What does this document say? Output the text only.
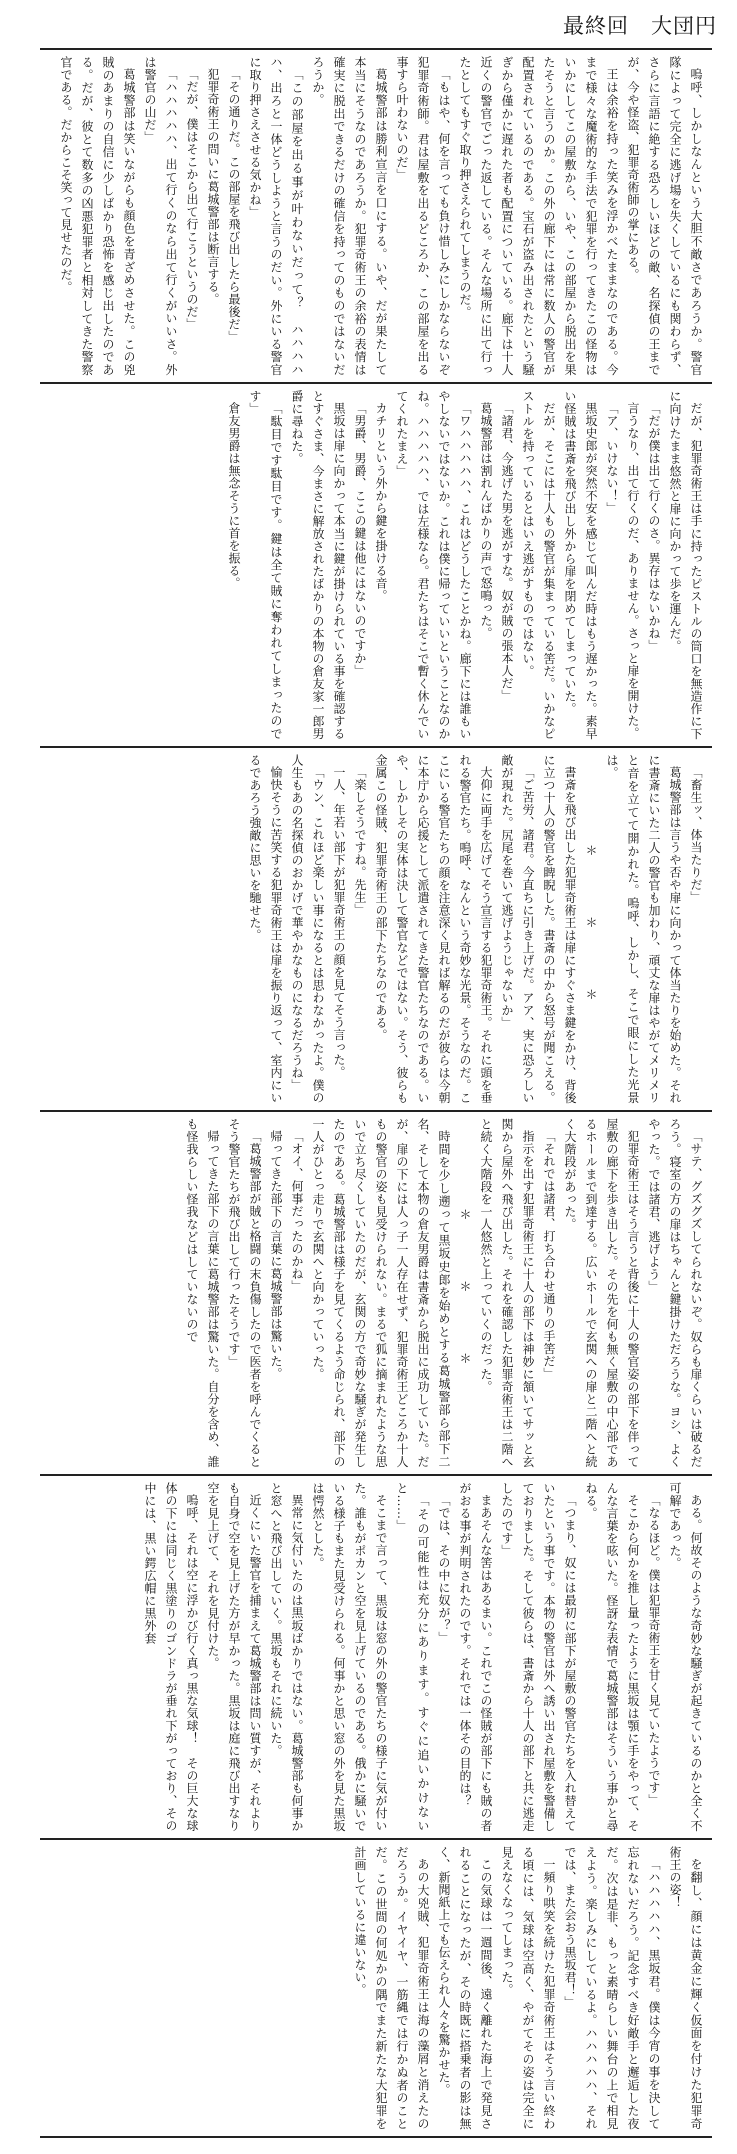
最終回　大団円

嗚呼、しかしなんという大胆不敵さであろうか。警官隊によって完全に逃げ場を失くしているにも関わらず、さらに言語に絶する恐ろしいほどの敵、名探偵の王までが、今や怪盗、犯罪奇術師の掌にある。

王は余裕を持った笑みを浮かべたままなのである。今まで様々な魔術的な手法で犯罪を行ってきたこの怪物はいかにしてこの屋敷から、いや、この部屋から脱出を果たそうと言うのか。この外の廊下には常に数人の警官が配置されているのである。宝石が盗み出されたという騒ぎから僅かに遅れた者も配置についている。廊下は十人近くの警官でごった返している。そんな場所に出て行ったとしてもすぐ取り押さえられてしまうのだ。

「もはや、何を言っても負け惜しみにしかならないぞ犯罪奇術師。君は屋敷を出るどころか、この部屋を出る事すら叶わないのだ」

葛城警部は勝利宣言を口にする。いや、だが果たして本当にそうなのであろうか。犯罪奇術王の余裕の表情は確実に脱出できるだけの確信を持ってのものではないだろうか。

「この部屋を出る事が叶わないだって？　ハハハハハ、出ろと一体どうしようと言うのだい。外にいる警官に取り押さえさせる気かね」

「その通りだ。この部屋を飛び出したら最後だ」

犯罪奇術王の問いに葛城警部は断言する。

「だが、僕はそこから出て行こうというのだ」

「ハハハハハ、出て行くのなら出て行くがいいさ。外は警官の山だ」

葛城警部は笑いながらも顔色を青ざめさせた。この兇賊のあまりの自信に少しばかり恐怖を感じ出したのである。だが、彼とて数多の凶悪犯罪者と相対してきた警察官である。だからこそ笑って見せたのだ。

だが、犯罪奇術王は手に持ったピストルの筒口を無造作に下に向けたまま悠然と扉に向かって歩を運んだ。

「だが僕は出て行くのさ。異存はないかね」

言うなり、出て行くのだ、ありません。さっと扉を開けた。

「ア、いけない！」

黒坂史郎が突然不安を感じて叫んだ時はもう遅かった。素早い怪賊は書斎を飛び出し外から扉を閉めてしまっていた。

だが、そこには十人もの警官が集まっている筈だ。いかなピストルを持っているとはいえ逃がすものではない。

「諸君、今逃げた男を逃がすな。奴が賊の張本人だ」

葛城警部は割れんばかりの声で怒鳴った。

「ワハハハハハ、これはどうしたことかね。廊下には誰もいやしないではないか。これは僕に帰っていいということなのかね。ハハハハハ、では左様なら。君たちはそこで暫く休んでいてくれたまえ」

カチリという外から鍵を掛ける音。

「男爵、男爵、ここの鍵は他にはないのですか」

黒坂は扉に向かって本当に鍵が掛けられている事を確認するとすぐさま、今まさに解放されたばかりの本物の倉友家一郎男爵に尋ねた。

「駄目です駄目です。鍵は全て賊に奪われてしまったのです」

倉友男爵は無念そうに首を振る。

「畜生ッ、体当たりだ」

葛城警部は言うや否や扉に向かって体当たりを始めた。それに書斎にいた二人の警官も加わり、頑丈な扉はやがてメリメリと音を立てて開かれた。嗚呼、しかし、そこで眼にした光景は。

＊　＊　＊

書斎を飛び出した犯罪奇術王は扉にすぐさま鍵をかけ、背後に立つ十人の警官を睥睨した。書斎の中から怒号が聞こえる。

「ご苦労、諸君。今直ちに引き上げだ。アア、実に恐ろしい敵が現れた。尻尾を巻いて逃げようじゃないか」

大仰に両手を広げてそう宣言する犯罪奇術王。それに頭を垂れる警官たち。嗚呼、なんという奇妙な光景。そうなのだ。ここにいる警官たちの顔を注意深く見れば解るのだが彼らは今朝に本庁から応援として派遣されてきた警官たちなのである。いや、しかしその実体は決して警官などではない。そう、彼らも金属この怪賊、犯罪奇術王の部下たちなのである。

「楽しそうですね。先生」

一人、年若い部下が犯罪奇術王の顔を見てそう言った。

「ウン、これほど楽しい事になるとは思わなかったよ。僕の人生もあの名探偵のおかげで華やかなものになるだろうね」

愉快そうに苦笑する犯罪奇術王は扉を振り返って、室内にいるであろう強敵に思いを馳せた。

「サテ、グズグズしてられないぞ。奴らも扉くらいは破るだろう。寝室の方の扉はちゃんと鍵掛けただろうな。ヨシ、よくやった。では諸君、逃げよう」

犯罪奇術王はそう言うと背後に十人の警官姿の部下を伴って屋敷の廊下を歩き出した。その先を何も無く屋敷の中心部であるホールまで到達する。広いホールで玄関への扉と二階へと続く大階段があった。

「それでは諸君、打ち合わせ通りの手筈だ」

指示を出す犯罪奇術王に十人の部下は神妙に頷いてサッと玄関から屋外へ飛び出した。それを確認した犯罪奇術王は二階へと続く大階段を一人悠然と上っていくのだった。

＊　＊　＊

時間を少し遡って黒坂史郎を始めとする葛城警部ら部下二名、そして本物の倉友男爵は書斎から脱出に成功していた。だが、扉の下には人っ子一人存在せず、犯罪奇術王どころか十人もの警官の姿も見受けられない。まるで狐に摘まれたような思いで立ち尽くしていたのだが、玄関の方で奇妙な騒ぎが発生したのである。葛城警部は様子を見てくるよう命じられ、部下の一人がひとっ走りで玄関へと向かっていった。

「オイ、何事だったのかね」

帰ってきた部下の言葉に葛城警部は驚いた。

「葛城警部が賊と格闘の末負傷したので医者を呼んでくるとそう警官たちが飛び出して行ったそうです」

帰ってきた部下の言葉に葛城警部は驚いた。自分を含め、誰も怪我らしい怪我などはしていないので

ある。何故そのような奇妙な騒ぎが起きているのかと全く不可解であった。

「なるほど。僕は犯罪奇術王を甘く見ていたようです」

そこから何かを推し量ったように黒坂は顎に手をやって、そんな言葉を呟いた。怪訝な表情で葛城警部はそういう事かと尋ねる。

「つまり、奴には最初に部下が屋敷の警官たちを入れ替えていたという事です。本物の警官は外へ誘い出され屋敷を警備しておりました。そして彼らは、書斎から十人の部下と共に逃走したのです」

まあそんな筈はあるまい。これでこの怪賊が部下にも賊の者がおる事が判明されたのです。それでは一体その目的は？

「では、その中に奴が？」

「その可能性は充分にあります。すぐに追いかけないと……」

そこまで言って、黒坂は窓の外の警官たちの様子に気が付いた。誰もがポカンと空を見上げているのである。俄かに騒いでいる様子もまた見受けられる。何事かと思い窓の外を見た黒坂は愕然とした。

異常に気付いたのは黒坂ばかりではない。葛城警部も何事かと窓へと飛び出していく。黒坂もそれに続いた。

近くにいた警官を捕まえて葛城警部は問い質すが、それよりも自身で空を見上げた方が早かった。黒坂は庭に飛び出すなり空を見上げて、それを見付けた。

嗚呼、それは空に浮かび行く真っ黒な気球！　その巨大な球体の下には同じく黒塗りのゴンドラが垂れ下がっており、その中には、黒い鍔広帽に黒外套

を翻し、顔には黄金に輝く仮面を付けた犯罪奇術王の姿！

「ハハハハハ、黒坂君。僕は今宵の事を決して忘れないだろう。記念すべき好敵手と邂逅した夜だ。次は是非、もっと素晴らしい舞台の上で相見えよう。楽しみにしているよ。ハハハハハ、それでは、また会おう黒坂君！」

一頻り哄笑を続けた犯罪奇術王はそう言い終わる頃には、気球は空高く、やがてその姿は完全に見えなくなってしまった。

この気球は一週間後、遠く離れた海上で発見されることになったが、その時既に搭乗者の影は無く、新聞紙上でも伝えられ人々を驚かせた。

あの大兇賊、犯罪奇術王は海の藻屑と消えたのだろうか。イヤイヤ、一筋縄では行かぬ者のことだ。この世間の何処かの隅でまた新たな大犯罪を計画しているに違いない。
